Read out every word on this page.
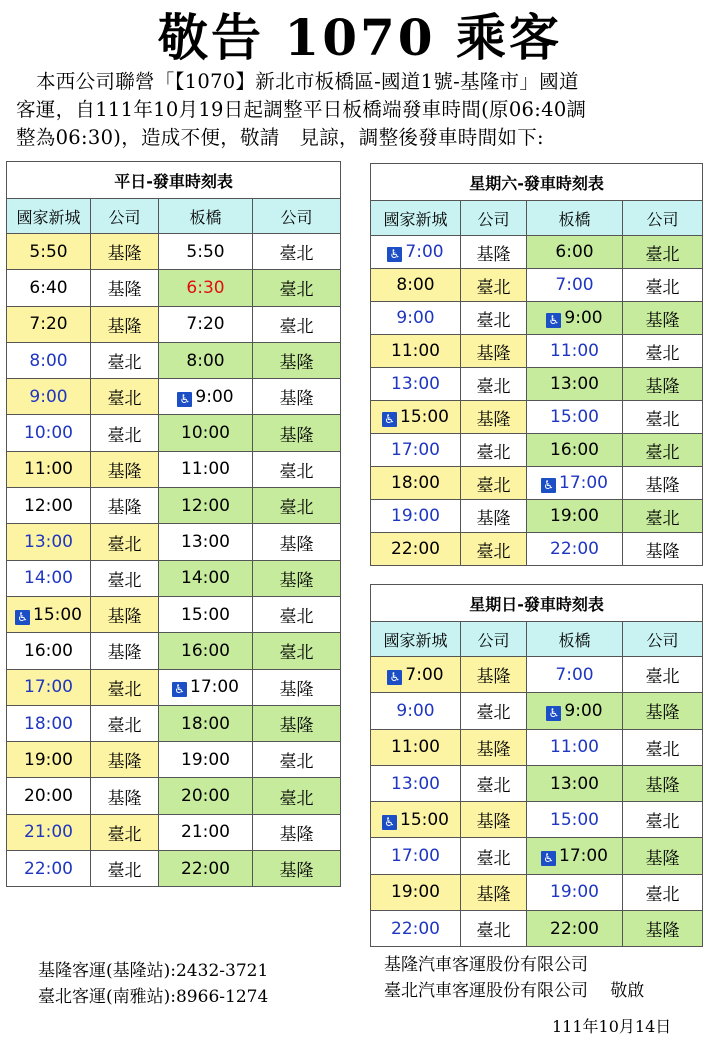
敬告 1070 乘客
本西公司聯營「【1070】新北市板橋區-國道1號-基隆市」國道
客運，自111年10月19日起調整平日板橋端發車時間(原06:40調
整為06:30)，造成不便，敬請　見諒，調整後發車時間如下:
平日-發車時刻表			
國家新城	公司	板橋	公司
5:50	基隆	5:50	臺北
6:40	基隆	6:30	臺北
7:20	基隆	7:20	臺北
8:00	臺北	8:00	基隆
9:00	臺北	♿ 9:00	基隆
10:00	臺北	10:00	基隆
11:00	基隆	11:00	臺北
12:00	基隆	12:00	臺北
13:00	臺北	13:00	基隆
14:00	臺北	14:00	基隆
♿ 15:00	基隆	15:00	臺北
16:00	基隆	16:00	臺北
17:00	臺北	♿ 17:00	基隆
18:00	臺北	18:00	基隆
19:00	基隆	19:00	臺北
20:00	基隆	20:00	臺北
21:00	臺北	21:00	基隆
22:00	臺北	22:00	基隆
星期六-發車時刻表			
國家新城	公司	板橋	公司
♿ 7:00	基隆	6:00	臺北
8:00	臺北	7:00	臺北
9:00	臺北	♿ 9:00	基隆
11:00	基隆	11:00	臺北
13:00	臺北	13:00	基隆
♿ 15:00	基隆	15:00	臺北
17:00	臺北	16:00	臺北
18:00	臺北	♿ 17:00	基隆
19:00	基隆	19:00	臺北
22:00	臺北	22:00	基隆
星期日-發車時刻表			
國家新城	公司	板橋	公司
♿ 7:00	基隆	7:00	臺北
9:00	臺北	♿ 9:00	基隆
11:00	基隆	11:00	臺北
13:00	臺北	13:00	基隆
♿ 15:00	基隆	15:00	臺北
17:00	臺北	♿ 17:00	基隆
19:00	基隆	19:00	臺北
22:00	臺北	22:00	基隆
基隆客運(基隆站):2432-3721
臺北客運(南雅站):8966-1274
基隆汽車客運股份有限公司
臺北汽車客運股份有限公司　 敬啟
111年10月14日
